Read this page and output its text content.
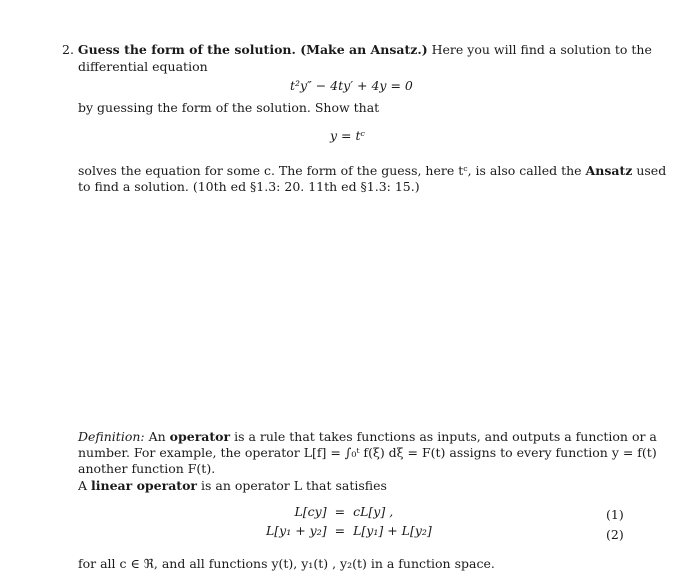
2. Guess the form of the solution. (Make an Ansatz.) Here you will find a solution to the
differential equation
t²y″ − 4ty′ + 4y = 0
by guessing the form of the solution. Show that
y = tᶜ
solves the equation for some c. The form of the guess, here tᶜ, is also called the Ansatz used
to find a solution. (10th ed §1.3: 20. 11th ed §1.3: 15.)
Definition: An operator is a rule that takes functions as inputs, and outputs a function or a
number. For example, the operator L[f] = ∫₀ᵗ f(ξ) dξ = F(t) assigns to every function y = f(t)
another function F(t).
A linear operator is an operator L that satisfies
L[cy]	=	cL[y] ,
L[y₁ + y₂]	=	L[y₁] + L[y₂]
(1)
(2)
for all c ∈ ℜ, and all functions y(t), y₁(t) , y₂(t) in a function space.
